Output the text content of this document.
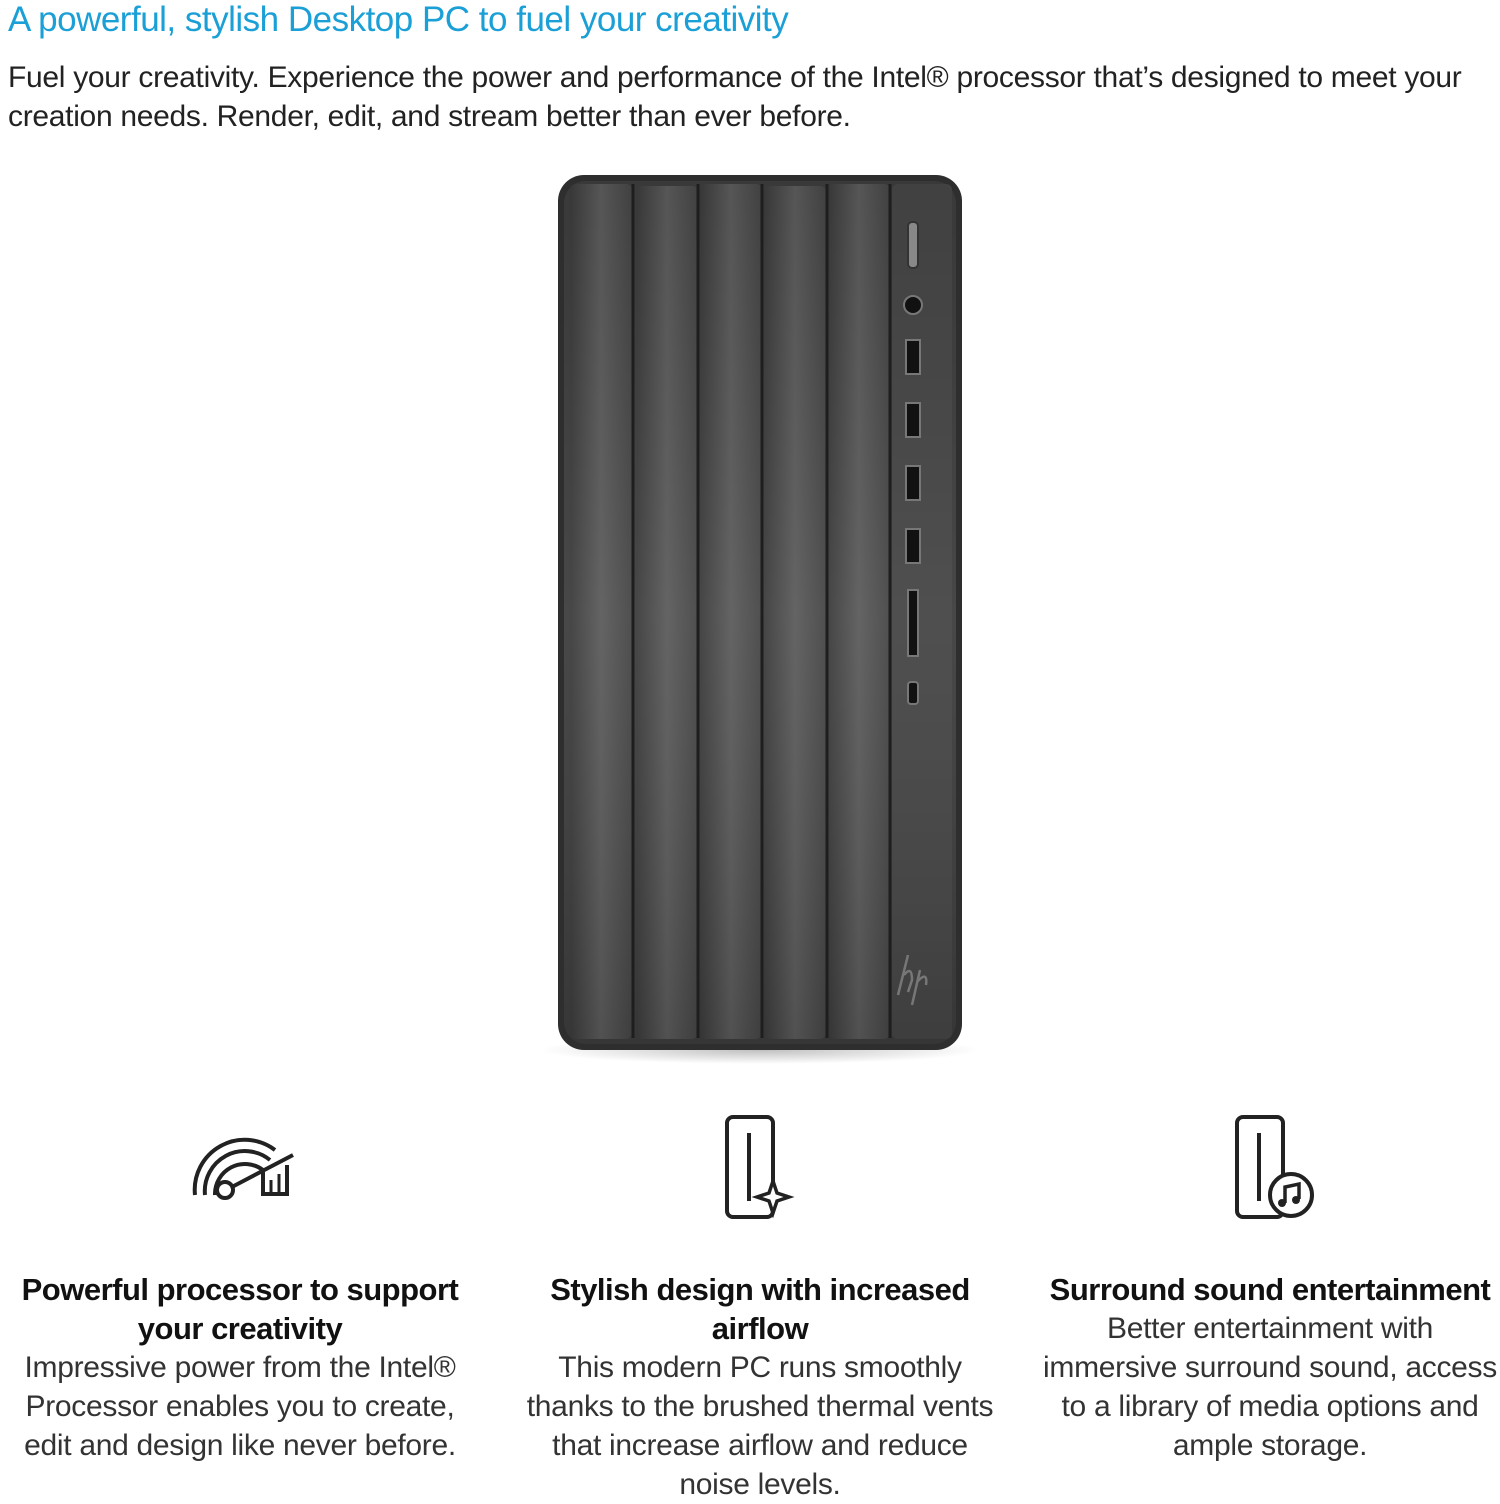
A powerful, stylish Desktop PC to fuel your creativity
Fuel your creativity. Experience the power and performance of the Intel® processor that’s designed to meet your creation needs. Render, edit, and stream better than ever before.
Powerful processor to support your creativity
Impressive power from the Intel® Processor enables you to create, edit and design like never before.
Stylish design with increased airflow
This modern PC runs smoothly thanks to the brushed thermal vents that increase airflow and reduce noise levels.
Surround sound entertainment
Better entertainment with immersive surround sound, access to a library of media options and ample storage.
